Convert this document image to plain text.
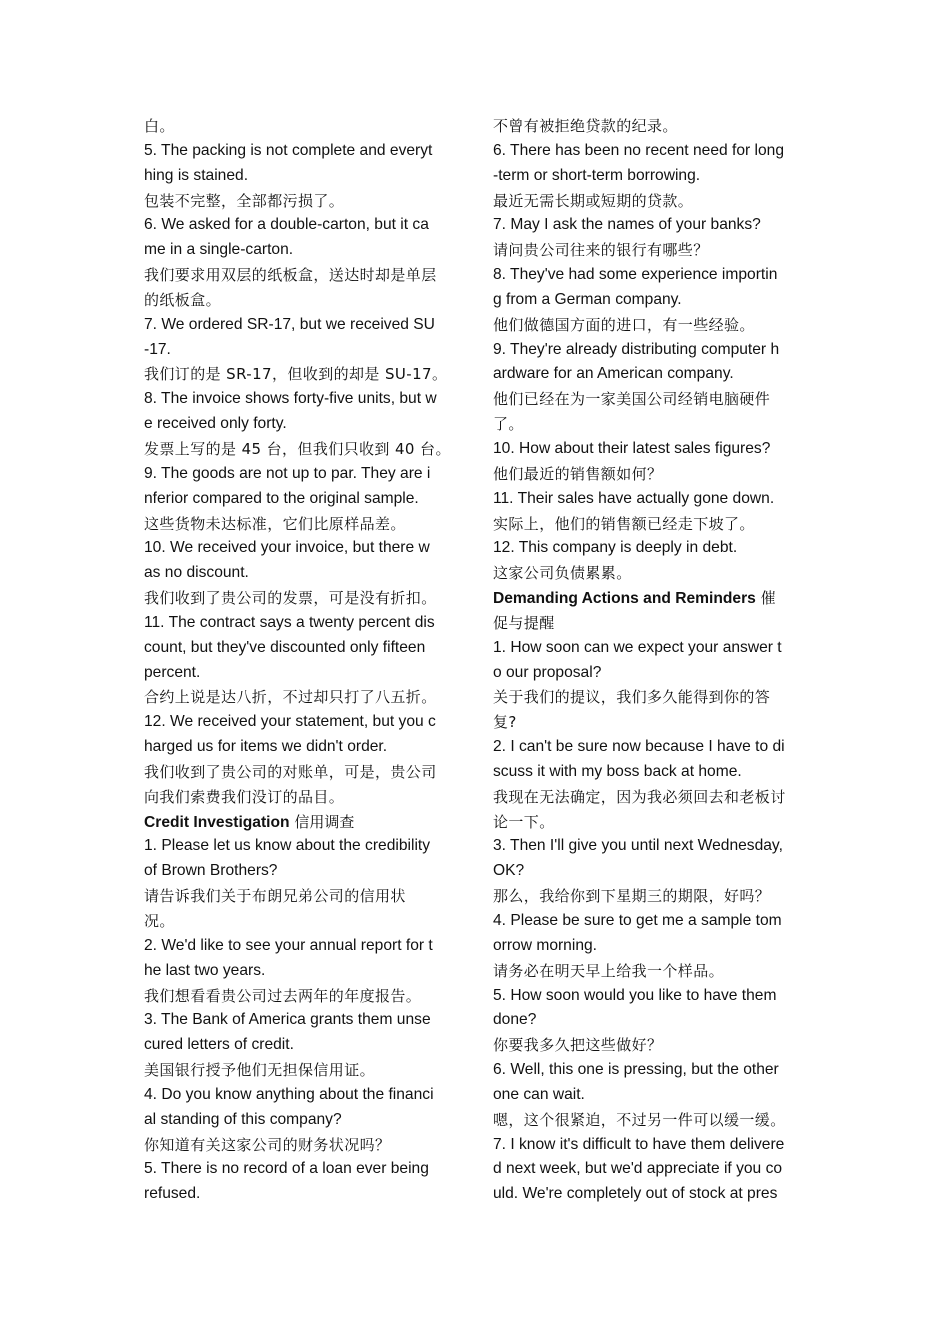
白。

5. The packing is not complete and everyt

hing is stained.

包装不完整，全部都污损了。

6. We asked for a double-carton, but it ca

me in a single-carton.

我们要求用双层的纸板盒，送达时却是单层

的纸板盒。

7. We ordered SR-17, but we received SU

-17.

我们订的是 SR-17，但收到的却是 SU-17。

8. The invoice shows forty-five units, but w

e received only forty.

发票上写的是 45 台，但我们只收到 40 台。

9. The goods are not up to par. They are i

nferior compared to the original sample.

这些货物未达标准，它们比原样品差。

10. We received your invoice, but there w

as no discount.

我们收到了贵公司的发票，可是没有折扣。

11. The contract says a twenty percent dis

count, but they've discounted only fifteen

percent.

合约上说是达八折，不过却只打了八五折。

12. We received your statement, but you c

harged us for items we didn't order.

我们收到了贵公司的对账单，可是，贵公司

向我们索费我们没订的品目。

Credit Investigation 信用调查

1. Please let us know about the credibility

of Brown Brothers?

请告诉我们关于布朗兄弟公司的信用状

况。

2. We'd like to see your annual report for t

he last two years.

我们想看看贵公司过去两年的年度报告。

3. The Bank of America grants them unse

cured letters of credit.

美国银行授予他们无担保信用证。

4. Do you know anything about the financi

al standing of this company?

你知道有关这家公司的财务状况吗？

5. There is no record of a loan ever being

refused.

不曾有被拒绝贷款的纪录。

6. There has been no recent need for long

-term or short-term borrowing.

最近无需长期或短期的贷款。

7. May I ask the names of your banks?

请问贵公司往来的银行有哪些？

8. They've had some experience importin

g from a German company.

他们做德国方面的进口，有一些经验。

9. They're already distributing computer h

ardware for an American company.

他们已经在为一家美国公司经销电脑硬件

了。

10. How about their latest sales figures?

他们最近的销售额如何？

11. Their sales have actually gone down.

实际上，他们的销售额已经走下坡了。

12. This company is deeply in debt.

这家公司负债累累。

Demanding Actions and Reminders 催

促与提醒

1. How soon can we expect your answer t

o our proposal?

关于我们的提议，我们多久能得到你的答

复?

2. I can't be sure now because I have to di

scuss it with my boss back at home.

我现在无法确定，因为我必须回去和老板讨

论一下。

3. Then I'll give you until next Wednesday,

OK?

那么，我给你到下星期三的期限，好吗？

4. Please be sure to get me a sample tom

orrow morning.

请务必在明天早上给我一个样品。

5. How soon would you like to have them

done?

你要我多久把这些做好？

6. Well, this one is pressing, but the other

one can wait.

嗯，这个很紧迫，不过另一件可以缓一缓。

7. I know it's difficult to have them delivere

d next week, but we'd appreciate if you co

uld. We're completely out of stock at pres
